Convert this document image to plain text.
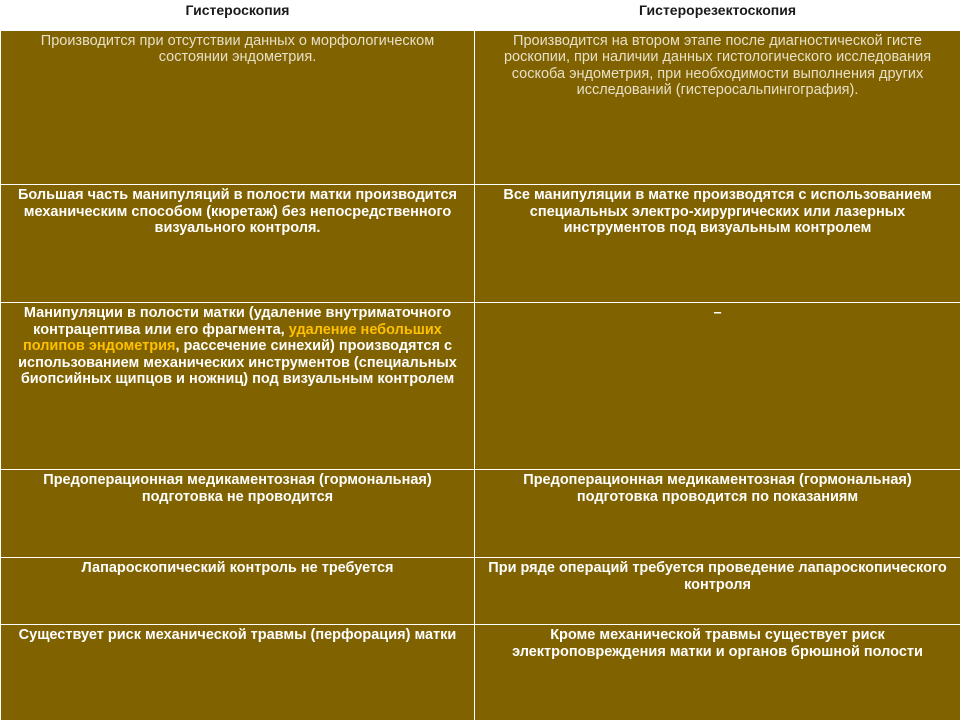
Гистероскопия	Гистерорезектоскопия
Производится при отсутствии данных о морфологическом состоянии эндометрия.	Производится на втором этапе после диагностической гисте роскопии, при наличии данных гистологического исследования соскоба эндометрия, при необходимости выполнения других исследований (гистеросальпингография).
Большая часть манипуляций в полости матки производится механическим способом (кюретаж) без непосредственного визуального контроля.	Все манипуляции в матке производятся с использованием специальных электро-хирургических или лазерных инструментов под визуальным контролем
Манипуляции в полости матки (удаление внутриматочного контрацептива или его фрагмента, удаление небольших полипов эндометрия, рассечение синехий) производятся с использованием механических инструментов (специальных биопсийных щипцов и ножниц) под визуальным контролем	–
Предоперационная медикаментозная (гормональная) подготовка не проводится	Предоперационная медикаментозная (гормональная) подготовка проводится по показаниям
Лапароскопический контроль не требуется	При ряде операций требуется проведение лапароскопического контроля
Существует риск механической травмы (перфорация) матки	Кроме механической травмы существует риск электроповреждения матки и органов брюшной полости
